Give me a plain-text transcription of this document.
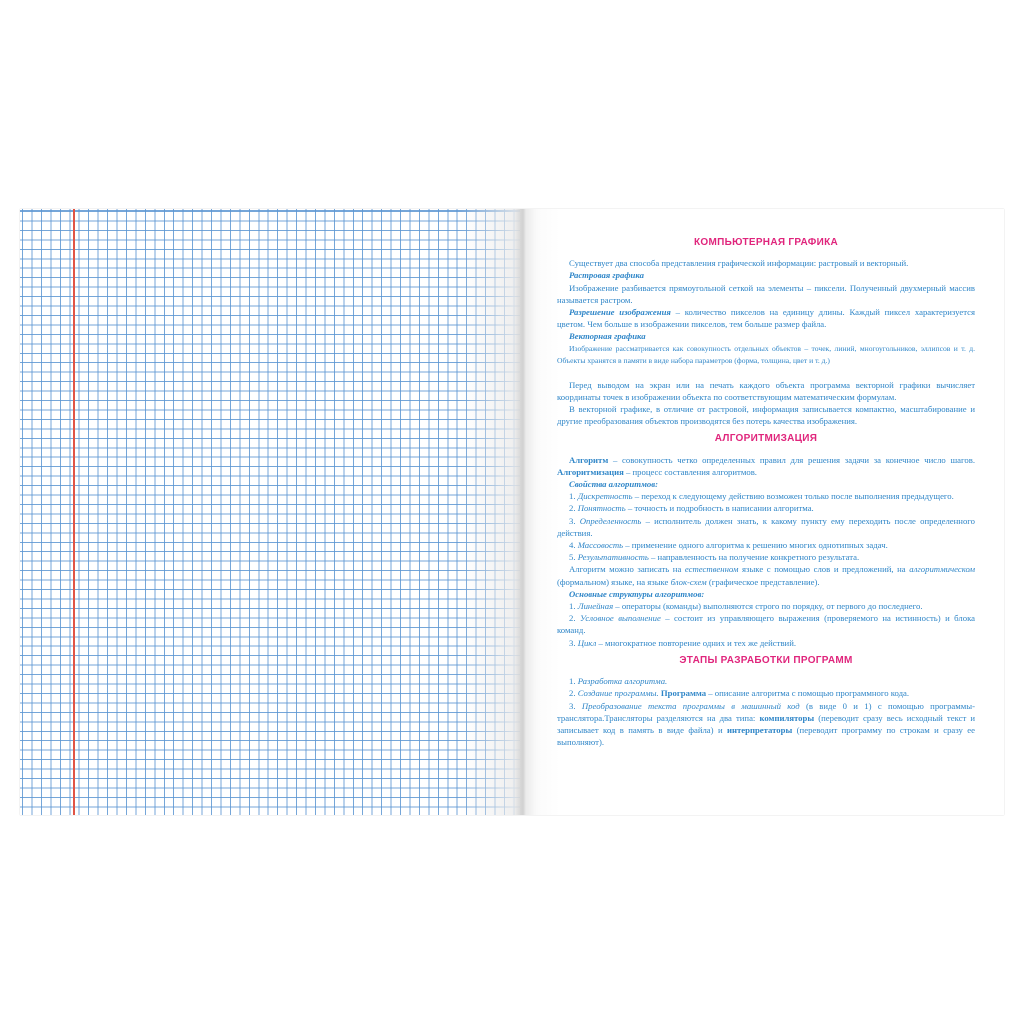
КОМПЬЮТЕРНАЯ ГРАФИКА

Существует два способа представления графической информации: растровый и векторный.

Растровая графика

Изображение разбивается прямоугольной сеткой на элементы – пиксели. Полученный двухмерный массив называется растром.

Разрешение изображения – количество пикселов на единицу длины. Каждый пиксел характеризуется цветом. Чем больше в изображении пикселов, тем больше размер файла.

Векторная графика

Изображение рассматривается как совокупность отдельных объектов – точек, линий, многоугольников, эллипсов и т. д. Объекты хранятся в памяти в виде набора параметров (форма, толщина, цвет и т. д.)

Перед выводом на экран или на печать каждого объекта программа векторной графики вычисляет координаты точек в изображении объекта по соответствующим математическим формулам.

В векторной графике, в отличие от растровой, информация записывается компактно, масштабирование и другие преобразования объектов производятся без потерь качества изображения.

АЛГОРИТМИЗАЦИЯ

Алгоритм – совокупность четко определенных правил для решения задачи за конечное число шагов. Алгоритмизация – процесс составления алгоритмов.

Свойства алгоритмов:

1. Дискретность – переход к следующему действию возможен только после выполнения предыдущего.

2. Понятность – точность и подробность в написании алгоритма.

3. Определенность – исполнитель должен знать, к какому пункту ему переходить после определенного действия.

4. Массовость – применение одного алгоритма к решению многих однотипных задач.

5. Результативность – направленность на получение конкретного результата.

Алгоритм можно записать на естественном языке с помощью слов и предложений, на алгоритмическом (формальном) языке, на языке блок-схем (графическое представление).

Основные структуры алгоритмов:

1. Линейная – операторы (команды) выполняются строго по порядку, от первого до последнего.

2. Условное выполнение – состоит из управляющего выражения (проверяемого на истинность) и блока команд.

3. Цикл – многократное повторение одних и тех же действий.

ЭТАПЫ РАЗРАБОТКИ ПРОГРАММ

1. Разработка алгоритма.

2. Создание программы. Программа – описание алгоритма с помощью программного кода.

3. Преобразование текста программы в машинный код (в виде 0 и 1) с помощью программы-транслятора.Трансляторы разделяются на два типа: компиляторы (переводит сразу весь исходный текст и записывает код в память в виде файла) и интерпретаторы (переводит программу по строкам и сразу ее выполняют).
